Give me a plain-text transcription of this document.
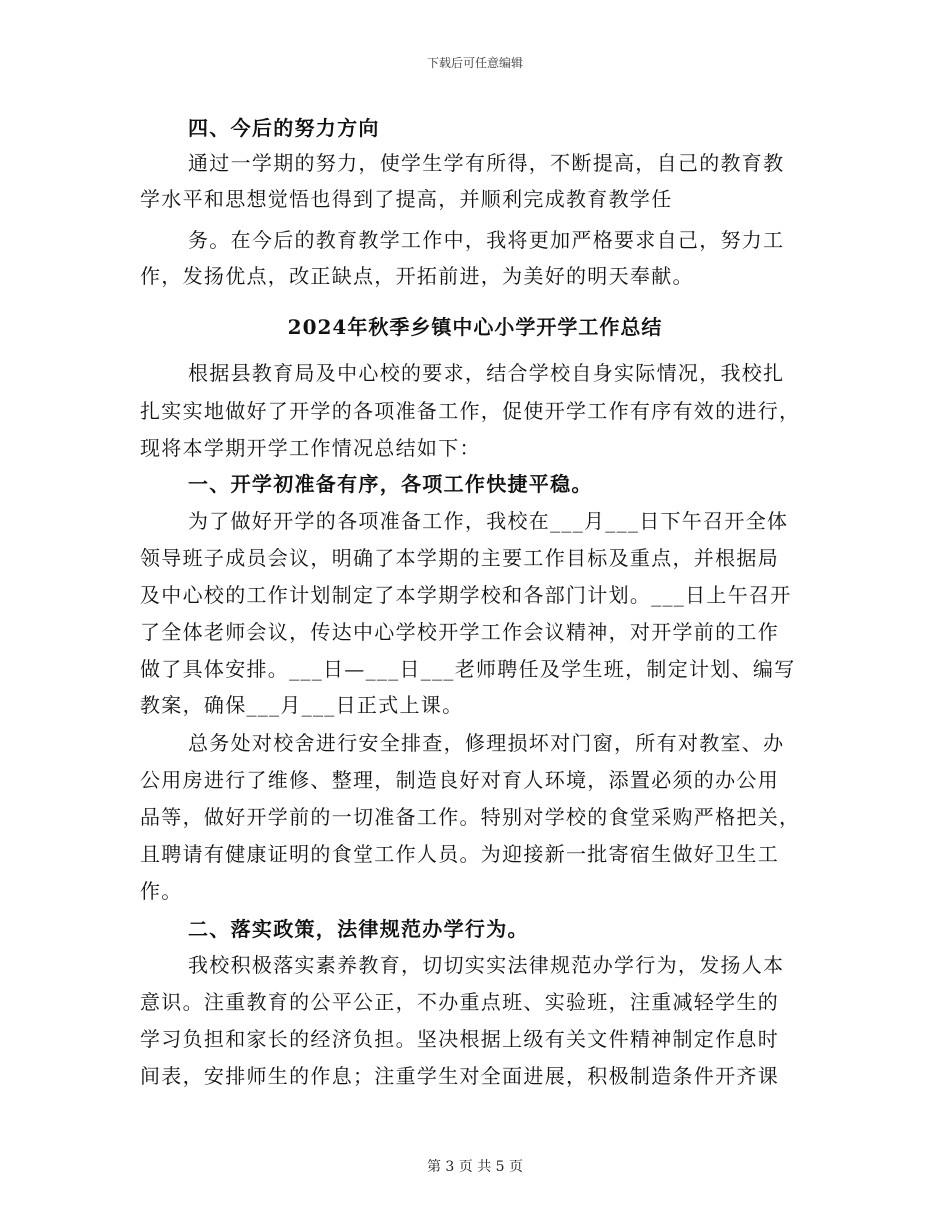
下载后可任意编辑
四、今后的努力方向
通过一学期的努力，使学生学有所得，不断提高，自己的教育教
学水平和思想觉悟也得到了提高，并顺利完成教育教学任
务。在今后的教育教学工作中，我将更加严格要求自己，努力工
作，发扬优点，改正缺点，开拓前进，为美好的明天奉献。
2024年秋季乡镇中心小学开学工作总结
根据县教育局及中心校的要求，结合学校自身实际情况，我校扎
扎实实地做好了开学的各项准备工作，促使开学工作有序有效的进行，
现将本学期开学工作情况总结如下：
一、开学初准备有序，各项工作快捷平稳。
为了做好开学的各项准备工作，我校在___月___日下午召开全体
领导班子成员会议，明确了本学期的主要工作目标及重点，并根据局
及中心校的工作计划制定了本学期学校和各部门计划。___日上午召开
了全体老师会议，传达中心学校开学工作会议精神，对开学前的工作
做了具体安排。___日—___日___老师聘任及学生班，制定计划、编写
教案，确保___月___日正式上课。
总务处对校舍进行安全排查，修理损坏对门窗，所有对教室、办
公用房进行了维修、整理，制造良好对育人环境，添置必须的办公用
品等，做好开学前的一切准备工作。特别对学校的食堂采购严格把关，
且聘请有健康证明的食堂工作人员。为迎接新一批寄宿生做好卫生工
作。
二、落实政策，法律规范办学行为。
我校积极落实素养教育，切切实实法律规范办学行为，发扬人本
意识。注重教育的公平公正，不办重点班、实验班，注重减轻学生的
学习负担和家长的经济负担。坚决根据上级有关文件精神制定作息时
间表，安排师生的作息；注重学生对全面进展，积极制造条件开齐课
第 3 页 共 5 页
